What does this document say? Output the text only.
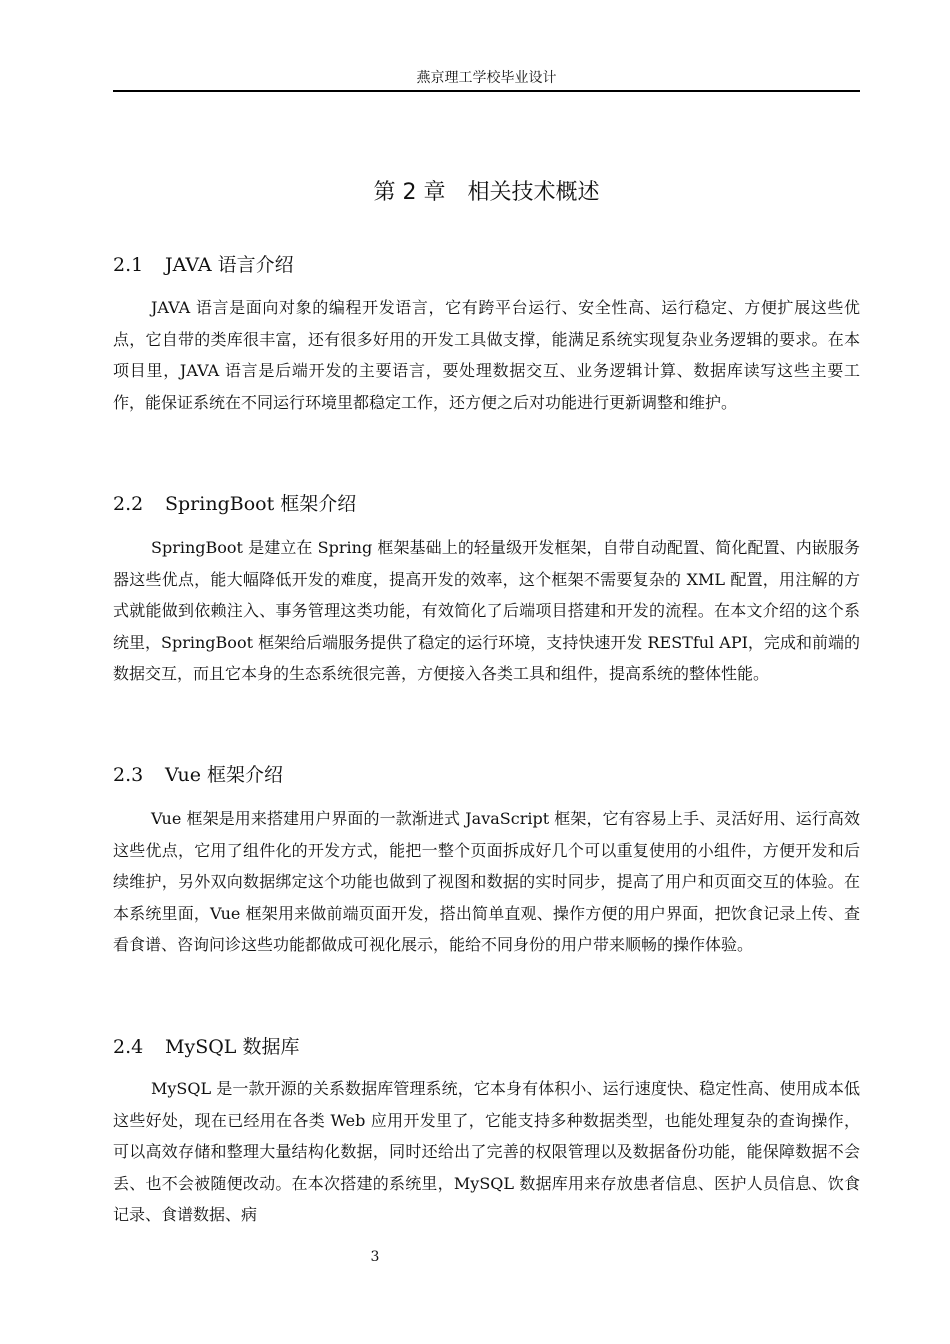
燕京理工学校毕业设计
第 2 章　相关技术概述
2.1 JAVA 语言介绍

JAVA 语言是面向对象的编程开发语言，它有跨平台运行、安全性高、运行稳定、方便扩展这些优点，它自带的类库很丰富，还有很多好用的开发工具做支撑，能满足系统实现复杂业务逻辑的要求。在本项目里，JAVA 语言是后端开发的主要语言，要处理数据交互、业务逻辑计算、数据库读写这些主要工作，能保证系统在不同运行环境里都稳定工作，还方便之后对功能进行更新调整和维护。

2.2 SpringBoot 框架介绍

SpringBoot 是建立在 Spring 框架基础上的轻量级开发框架，自带自动配置、简化配置、内嵌服务器这些优点，能大幅降低开发的难度，提高开发的效率，这个框架不需要复杂的 XML 配置，用注解的方式就能做到依赖注入、事务管理这类功能，有效简化了后端项目搭建和开发的流程。在本文介绍的这个系统里，SpringBoot 框架给后端服务提供了稳定的运行环境，支持快速开发 RESTful API，完成和前端的数据交互，而且它本身的生态系统很完善，方便接入各类工具和组件，提高系统的整体性能。

2.3 Vue 框架介绍

Vue 框架是用来搭建用户界面的一款渐进式 JavaScript 框架，它有容易上手、灵活好用、运行高效这些优点，它用了组件化的开发方式，能把一整个页面拆成好几个可以重复使用的小组件，方便开发和后续维护，另外双向数据绑定这个功能也做到了视图和数据的实时同步，提高了用户和页面交互的体验。在本系统里面，Vue 框架用来做前端页面开发，搭出简单直观、操作方便的用户界面，把饮食记录上传、查看食谱、咨询问诊这些功能都做成可视化展示，能给不同身份的用户带来顺畅的操作体验。

2.4 MySQL 数据库

MySQL 是一款开源的关系数据库管理系统，它本身有体积小、运行速度快、稳定性高、使用成本低这些好处，现在已经用在各类 Web 应用开发里了，它能支持多种数据类型，也能处理复杂的查询操作，可以高效存储和整理大量结构化数据，同时还给出了完善的权限管理以及数据备份功能，能保障数据不会丢、也不会被随便改动。在本次搭建的系统里，MySQL 数据库用来存放患者信息、医护人员信息、饮食记录、食谱数据、病

3
